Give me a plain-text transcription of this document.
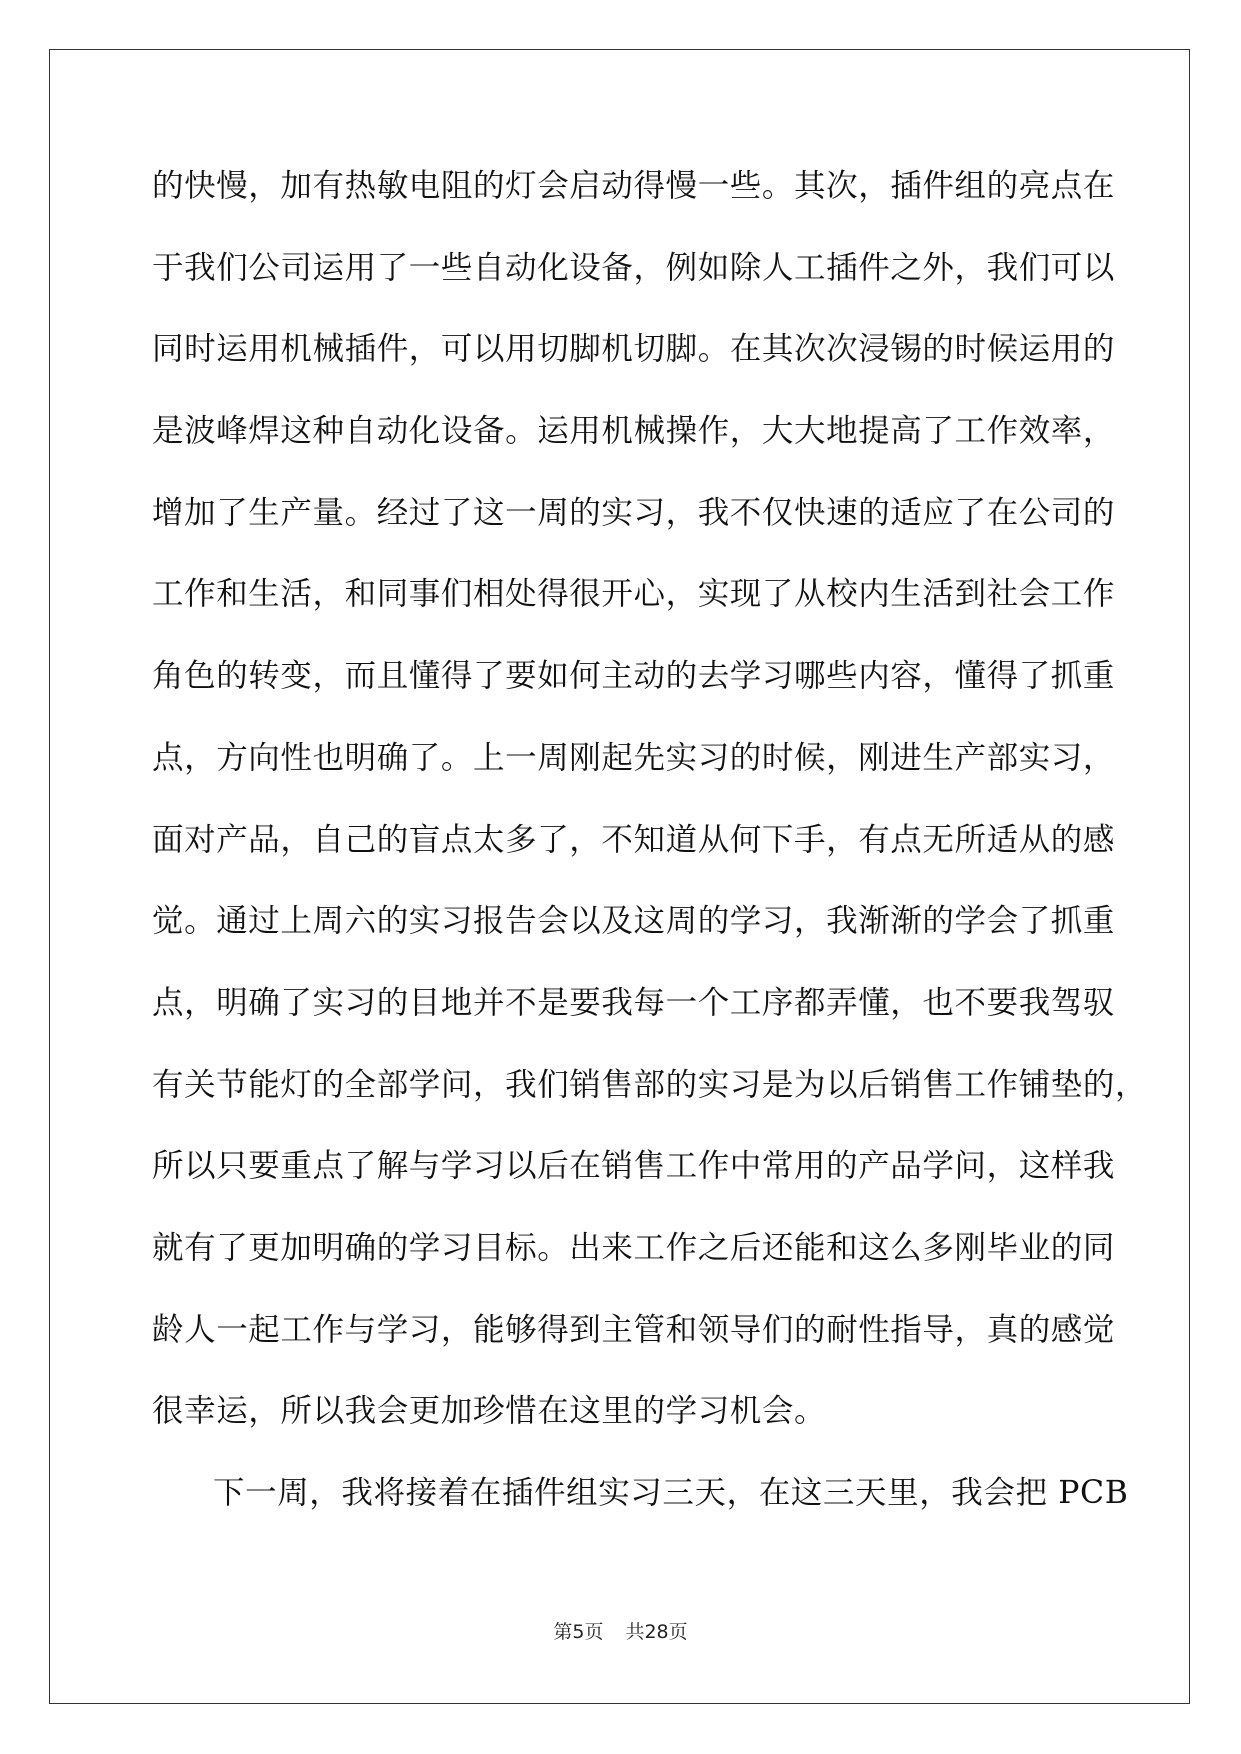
的快慢，加有热敏电阻的灯会启动得慢一些。其次，插件组的亮点在
于我们公司运用了一些自动化设备，例如除人工插件之外，我们可以
同时运用机械插件，可以用切脚机切脚。在其次次浸锡的时候运用的
是波峰焊这种自动化设备。运用机械操作，大大地提高了工作效率，
增加了生产量。经过了这一周的实习，我不仅快速的适应了在公司的
工作和生活，和同事们相处得很开心，实现了从校内生活到社会工作
角色的转变，而且懂得了要如何主动的去学习哪些内容，懂得了抓重
点，方向性也明确了。上一周刚起先实习的时候，刚进生产部实习，
面对产品，自己的盲点太多了，不知道从何下手，有点无所适从的感
觉。通过上周六的实习报告会以及这周的学习，我渐渐的学会了抓重
点，明确了实习的目地并不是要我每一个工序都弄懂，也不要我驾驭
有关节能灯的全部学问，我们销售部的实习是为以后销售工作铺垫的，
所以只要重点了解与学习以后在销售工作中常用的产品学问，这样我
就有了更加明确的学习目标。出来工作之后还能和这么多刚毕业的同
龄人一起工作与学习，能够得到主管和领导们的耐性指导，真的感觉
很幸运，所以我会更加珍惜在这里的学习机会。
下一周，我将接着在插件组实习三天，在这三天里，我会把 PCB
第5页 共28页
